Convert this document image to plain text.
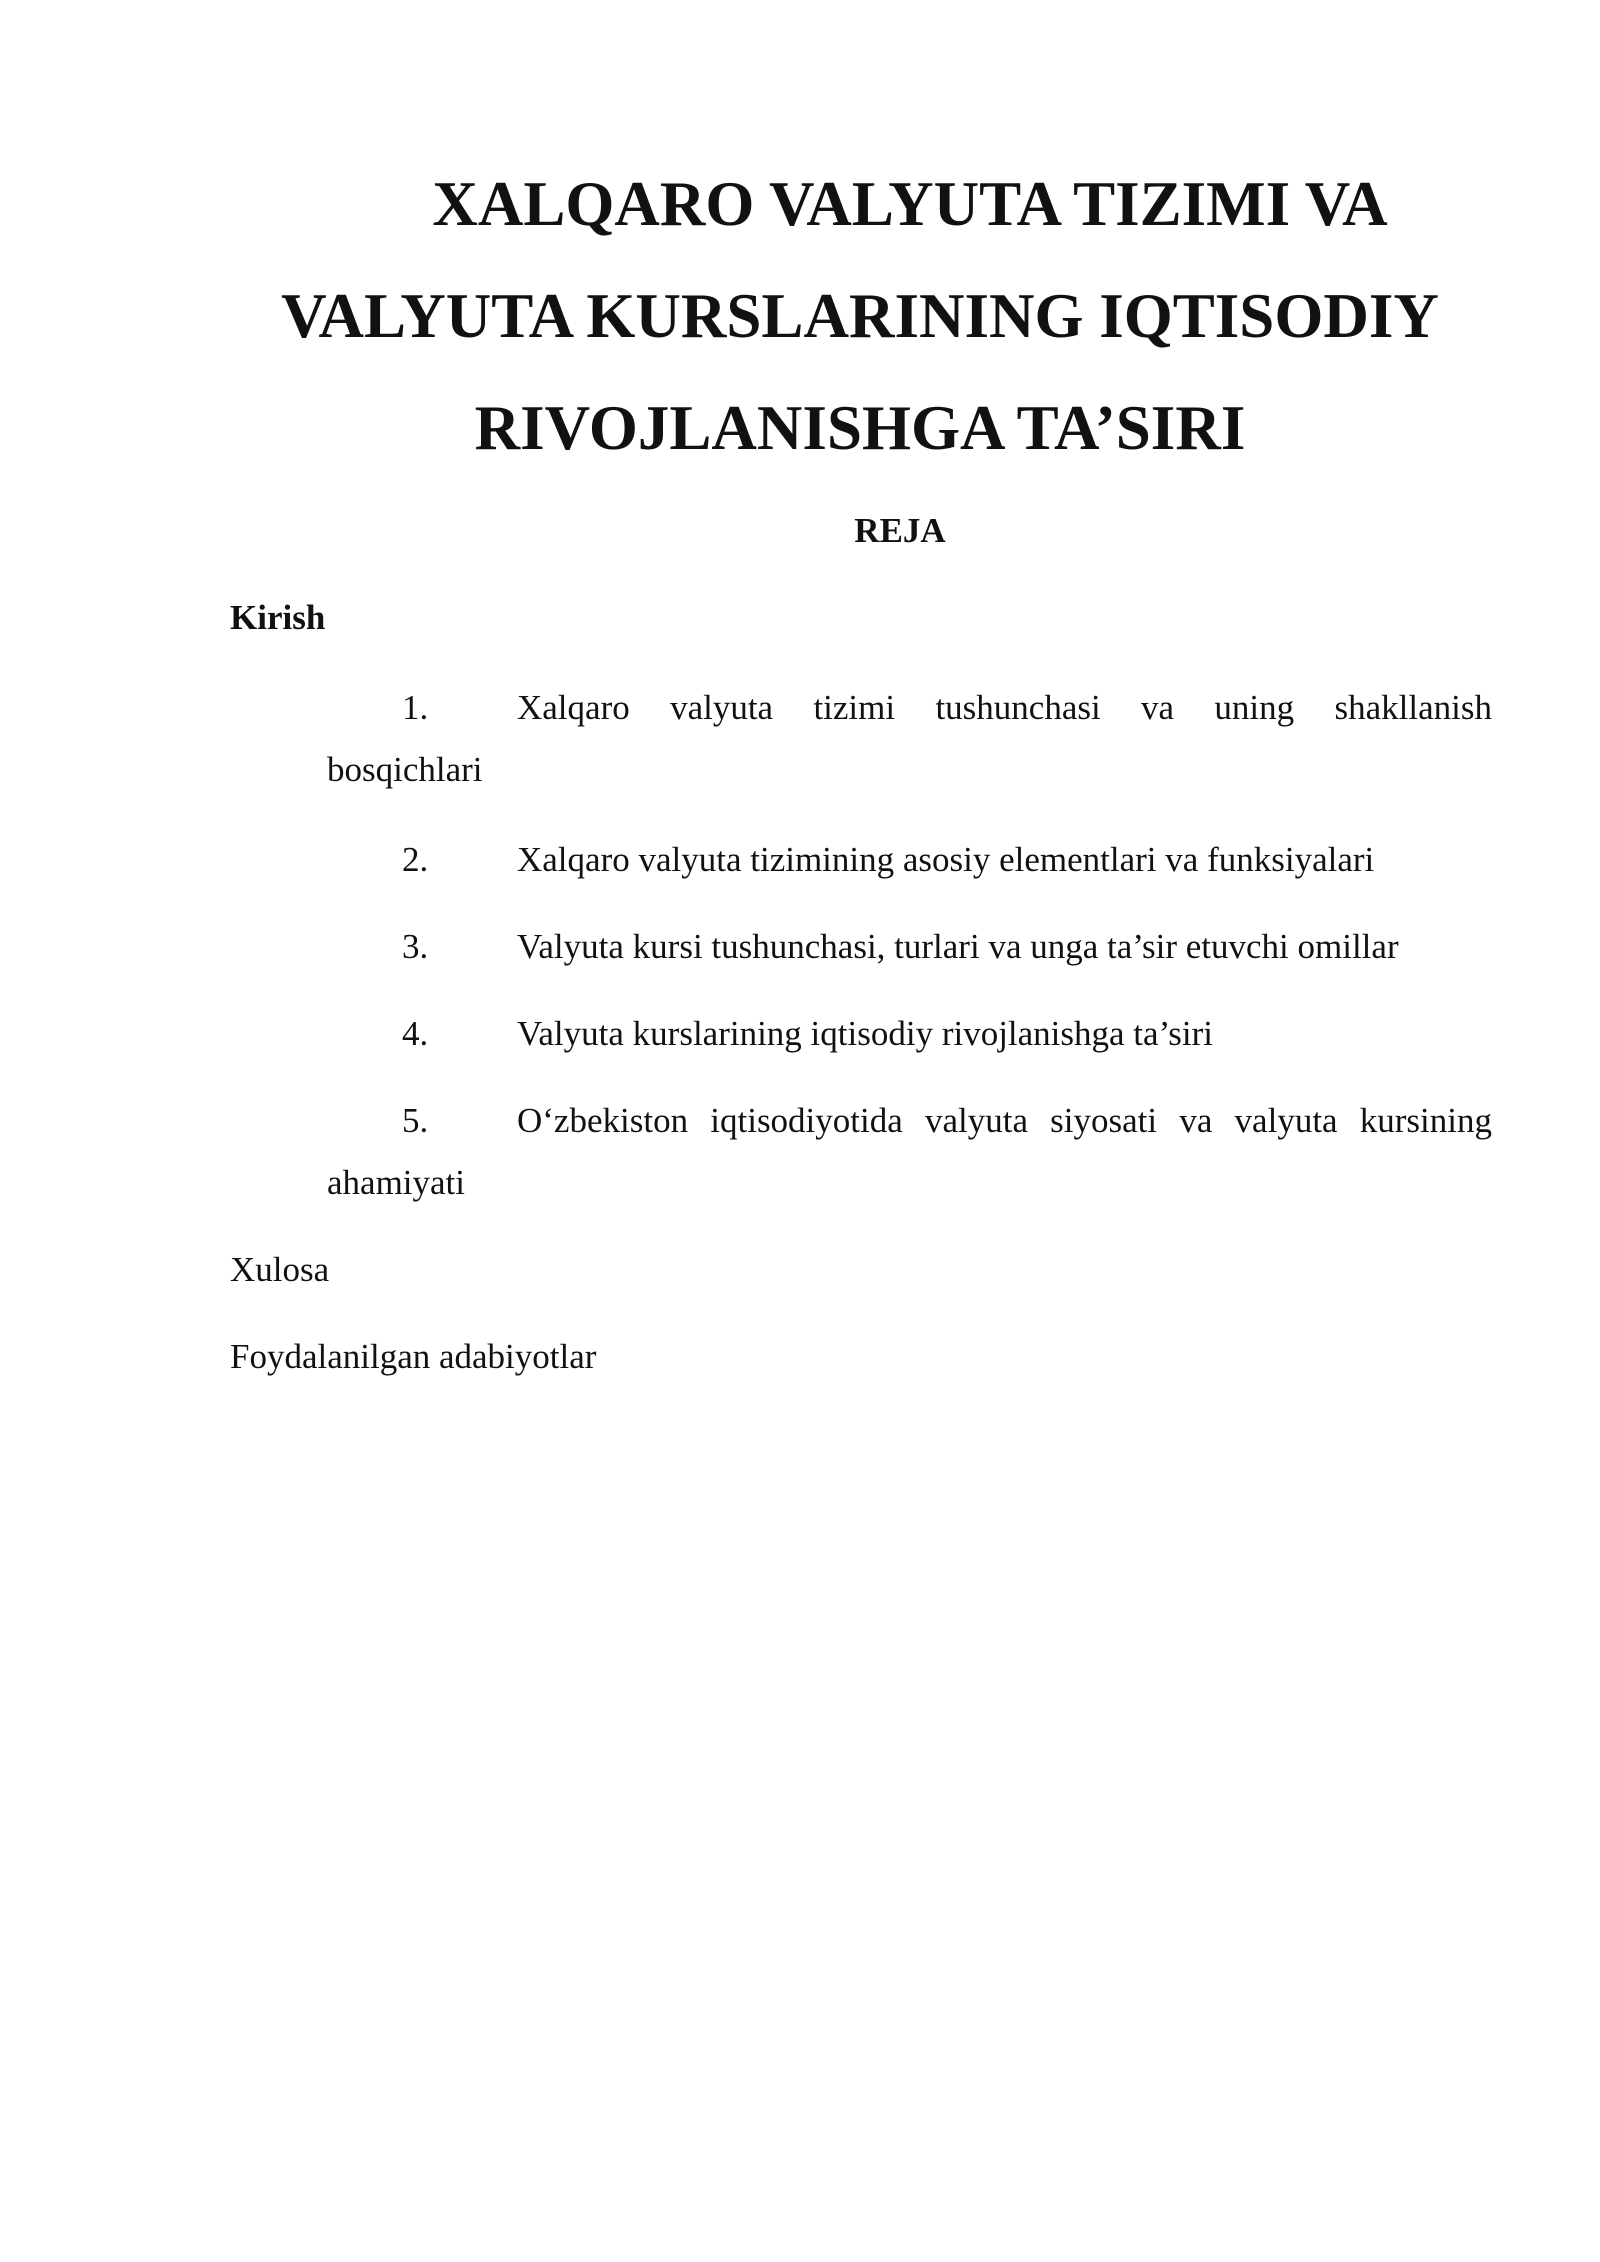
XALQARO VALYUTA TIZIMI VA VALYUTA KURSLARINING IQTISODIY RIVOJLANISHGA TA’SIRI

REJA

Kirish

1.	Xalqaro valyuta tizimi tushunchasi va uning shakllanish
bosqichlari
2.	Xalqaro valyuta tizimining asosiy elementlari va funksiyalari
3.	Valyuta kursi tushunchasi, turlari va unga ta’sir etuvchi omillar
4.	Valyuta kurslarining iqtisodiy rivojlanishga ta’siri
5.	O‘zbekiston iqtisodiyotida valyuta siyosati va valyuta kursining
ahamiyati

Xulosa

Foydalanilgan adabiyotlar
